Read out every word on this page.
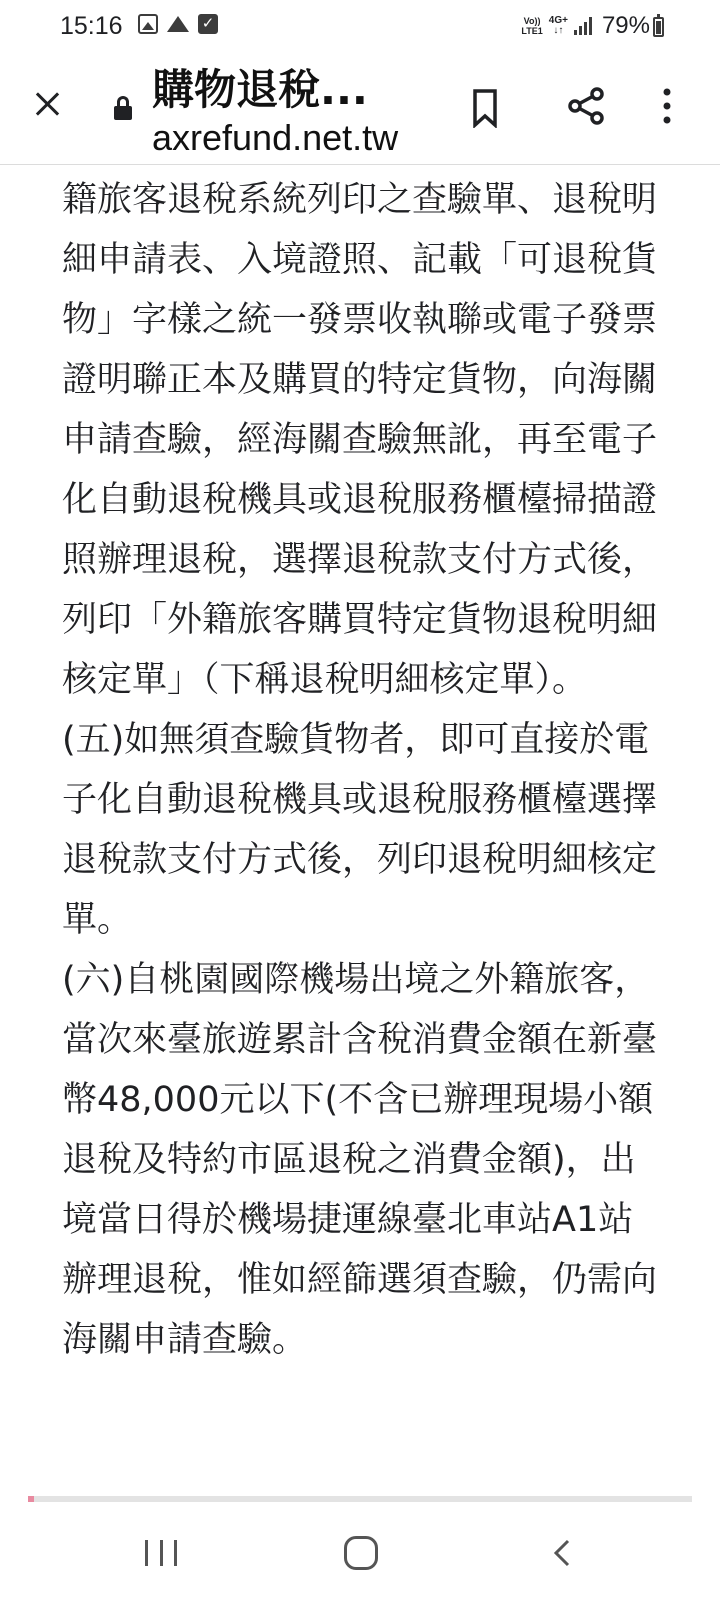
15:16	✓	Vo))
LTE1
4G+
↓↑ 79%
購物退稅...
axrefund.net.tw

籍旅客退稅系統列印之查驗單、退稅明細申請表、入境證照、記載「可退稅貨物」字樣之統一發票收執聯或電子發票證明聯正本及購買的特定貨物，向海關申請查驗，經海關查驗無訛，再至電子化自動退稅機具或退稅服務櫃檯掃描證照辦理退稅，選擇退稅款支付方式後，列印「外籍旅客購買特定貨物退稅明細核定單」（下稱退稅明細核定單）。

(五)如無須查驗貨物者，即可直接於電子化自動退稅機具或退稅服務櫃檯選擇退稅款支付方式後，列印退稅明細核定單。

(六)自桃園國際機場出境之外籍旅客，當次來臺旅遊累計含稅消費金額在新臺幣48,000元以下(不含已辦理現場小額退稅及特約市區退稅之消費金額)，出境當日得於機場捷運線臺北車站A1站辦理退稅，惟如經篩選須查驗，仍需向海關申請查驗。
